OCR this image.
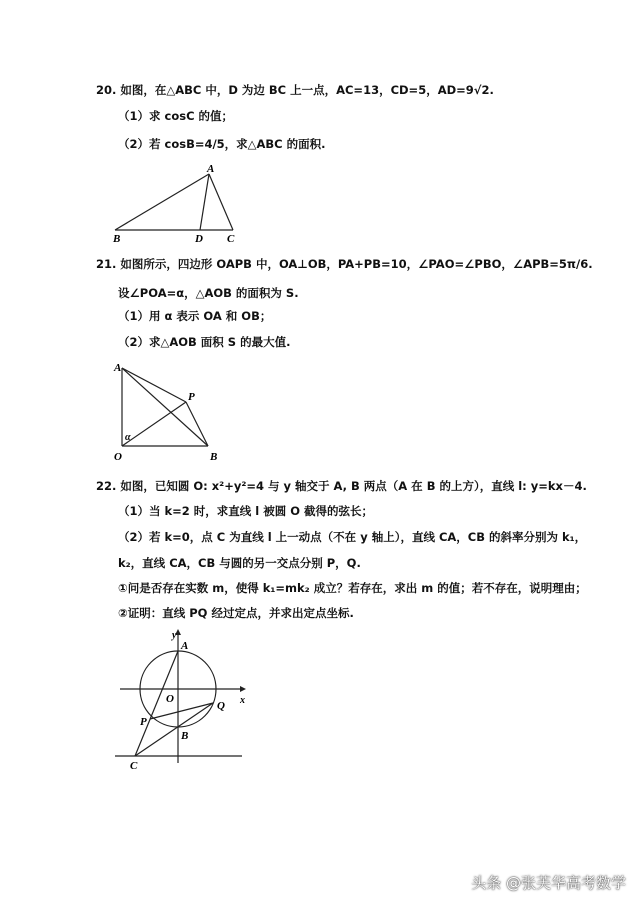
20. 如图，在△ABC 中，D 为边 BC 上一点，AC=13，CD=5，AD=9√2.
（1）求 cosC 的值；
（2）若 cosB=4/5，求△ABC 的面积.
A
B	D C
21. 如图所示，四边形 OAPB 中，OA⊥OB，PA+PB=10，∠PAO=∠PBO，∠APB=5π/6.
设∠POA=α，△AOB 的面积为 S.
（1）用 α 表示 OA 和 OB；
（2）求△AOB 面积 S 的最大值.
A
P
O	B
α
22. 如图，已知圆 O: x²+y²=4 与 y 轴交于 A, B 两点（A 在 B 的上方），直线 l: y=kx－4.
（1）当 k=2 时，求直线 l 被圆 O 截得的弦长；
（2）若 k=0，点 C 为直线 l 上一动点（不在 y 轴上），直线 CA，CB 的斜率分别为 k₁，
k₂，直线 CA，CB 与圆的另一交点分别 P，Q.
①问是否存在实数 m，使得 k₁=mk₂ 成立？若存在，求出 m 的值；若不存在，说明理由；
②证明：直线 PQ 经过定点，并求出定点坐标.
y
x
A
O
P
Q
B
C
头条 @张芙华高考数学
